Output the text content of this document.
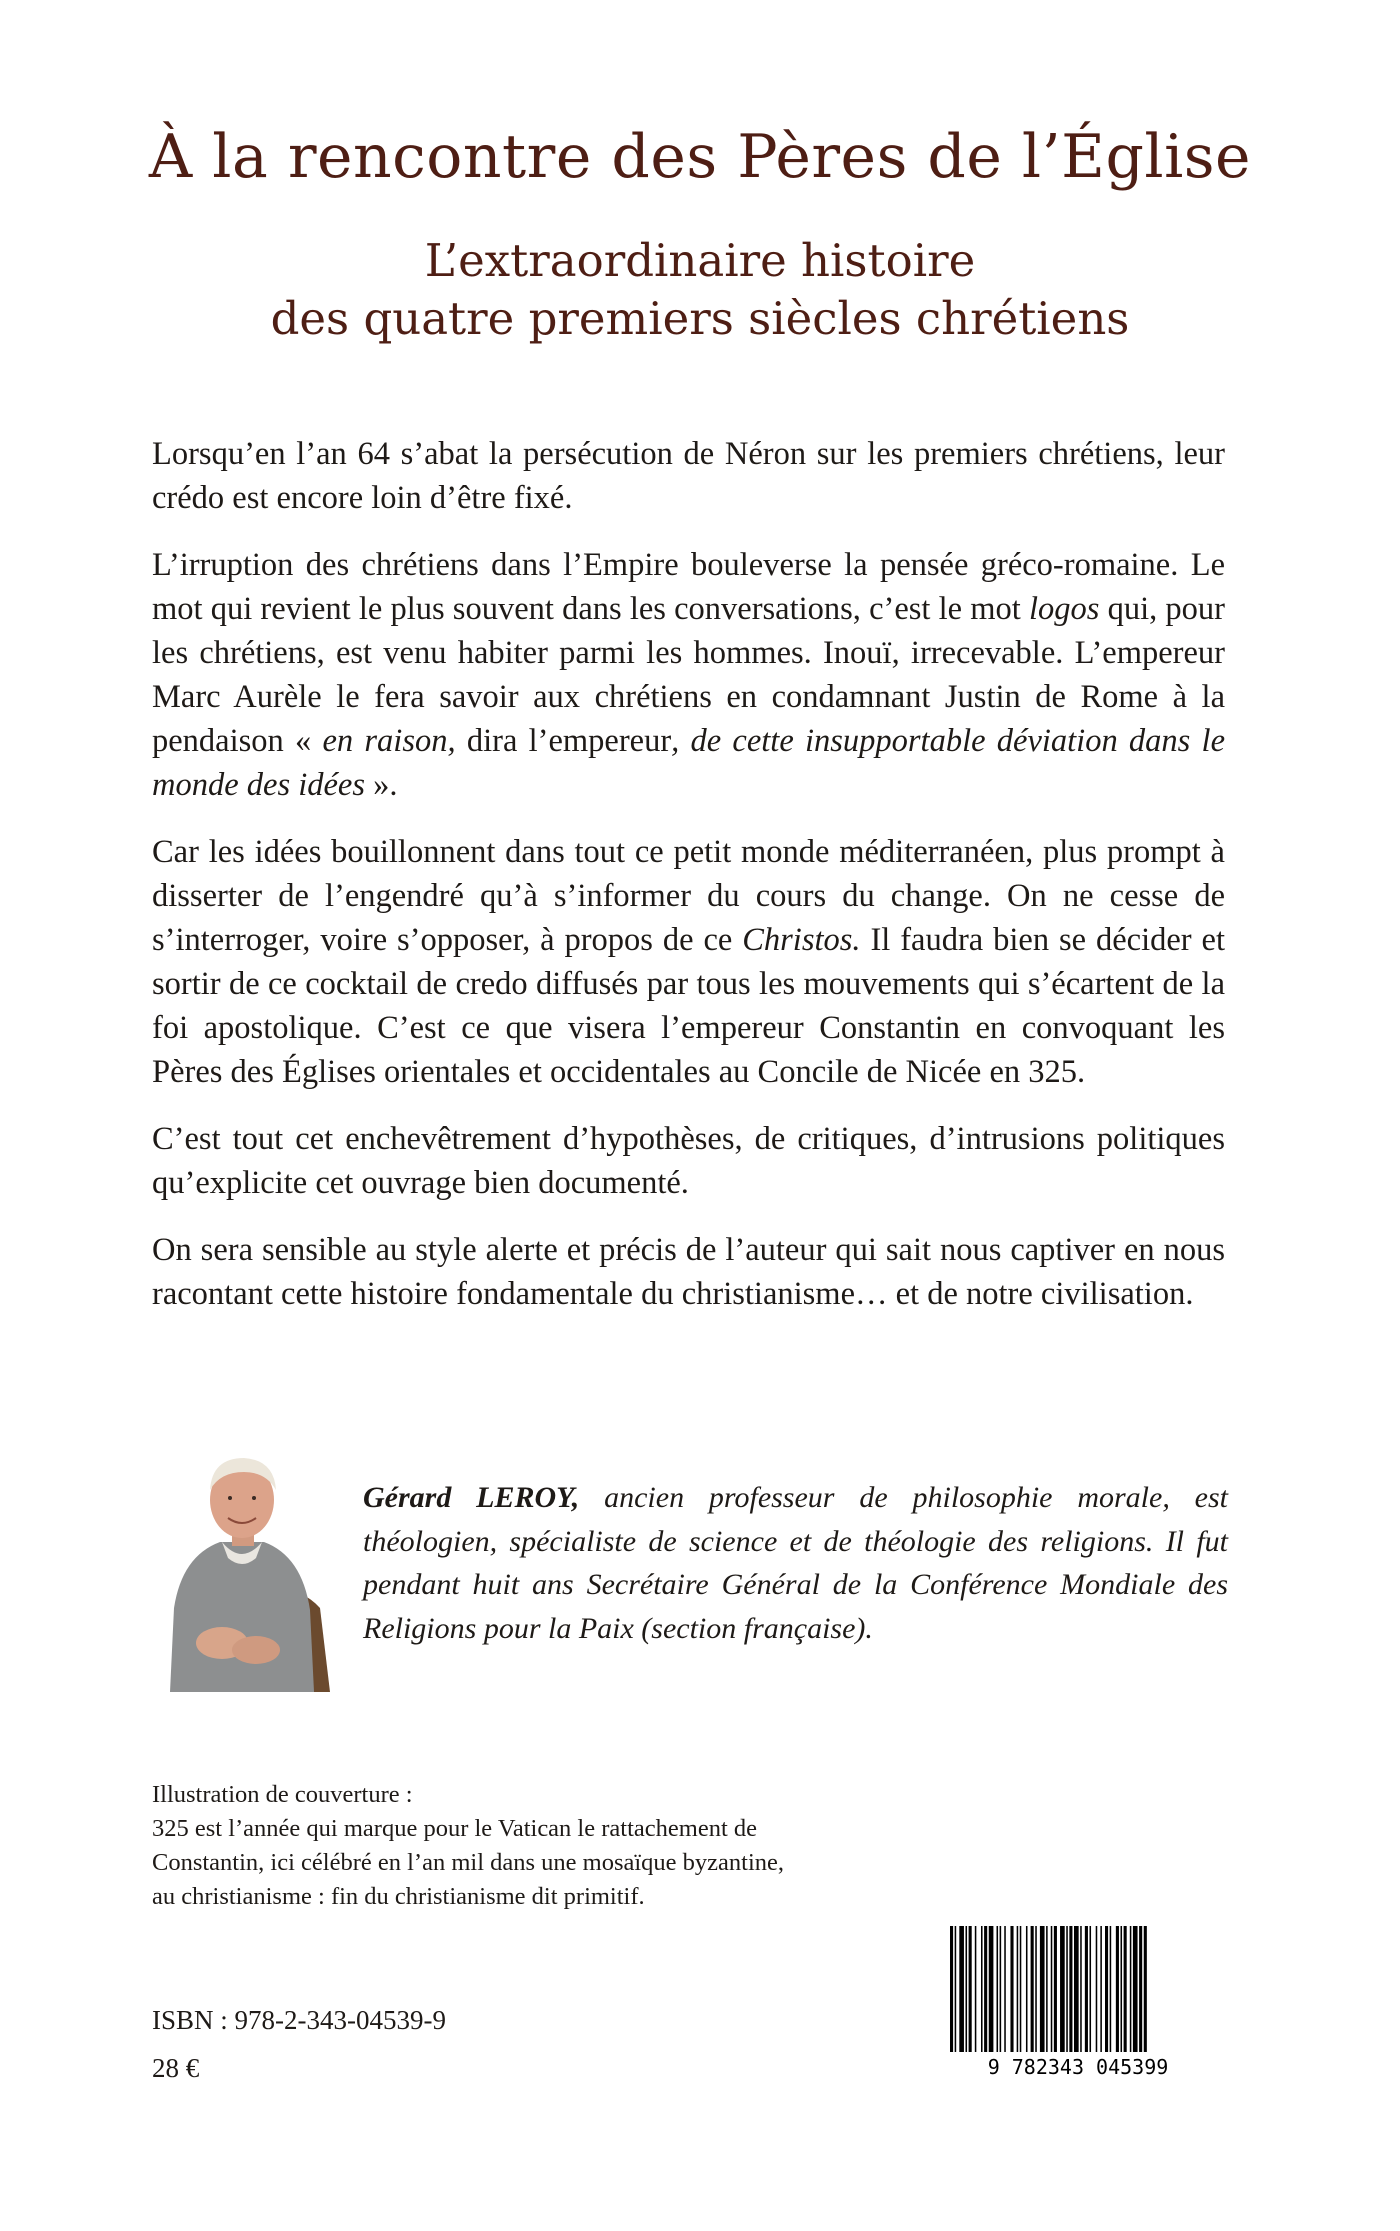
À la rencontre des Pères de l’Église
L’extraordinaire histoire
des quatre premiers siècles chrétiens

Lorsqu’en l’an 64 s’abat la persécution de Néron sur les premiers chrétiens, leur crédo est encore loin d’être fixé.

L’irruption des chrétiens dans l’Empire bouleverse la pensée gréco-romaine. Le mot qui revient le plus souvent dans les conversations, c’est le mot logos qui, pour les chrétiens, est venu habiter parmi les hommes. Inouï, irrecevable. L’empereur Marc Aurèle le fera savoir aux chrétiens en condamnant Justin de Rome à la pendaison « en raison, dira l’empereur, de cette insupportable déviation dans le monde des idées ».

Car les idées bouillonnent dans tout ce petit monde méditerranéen, plus prompt à disserter de l’engendré qu’à s’informer du cours du change. On ne cesse de s’interroger, voire s’opposer, à propos de ce Christos. Il faudra bien se décider et sortir de ce cocktail de credo diffusés par tous les mouvements qui s’écartent de la foi apostolique. C’est ce que visera l’empereur Constantin en convoquant les Pères des Églises orientales et occidentales au Concile de Nicée en 325.

C’est tout cet enchevêtrement d’hypothèses, de critiques, d’intrusions politiques qu’explicite cet ouvrage bien documenté.

On sera sensible au style alerte et précis de l’auteur qui sait nous captiver en nous racontant cette histoire fondamentale du christianisme… et de notre civilisation.

Gérard LEROY, ancien professeur de philosophie morale, est théologien, spécialiste de science et de théologie des religions. Il fut pendant huit ans Secrétaire Général de la Conférence Mondiale des Religions pour la Paix (section française).
Illustration de couverture :
325 est l’année qui marque pour le Vatican le rattachement de Constantin, ici célébré en l’an mil dans une mosaïque byzantine, au christianisme : fin du christianisme dit primitif.
ISBN : 978-2-343-04539-9
28 €	9 782343 045399
